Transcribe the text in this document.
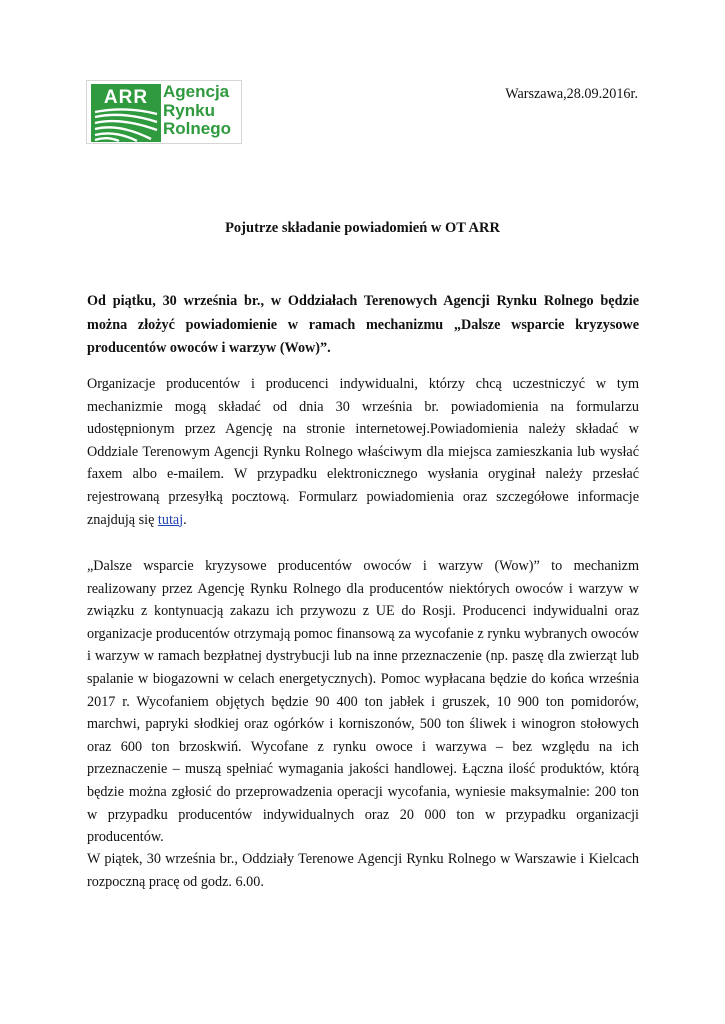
ARR Agencja
Rynku
Rolnego
Warszawa,28.09.2016r.
Pojutrze składanie powiadomień w OT ARR

Od piątku, 30 września br., w Oddziałach Terenowych Agencji Rynku Rolnego będzie można złożyć powiadomienie w ramach mechanizmu „Dalsze wsparcie kryzysowe producentów owoców i warzyw (Wow)”.

Organizacje producentów i producenci indywidualni, którzy chcą uczestniczyć w tym mechanizmie mogą składać od dnia 30 września br. powiadomienia na formularzu udostępnionym przez Agencję na stronie internetowej.Powiadomienia należy składać w Oddziale Terenowym Agencji Rynku Rolnego właściwym dla miejsca zamieszkania lub wysłać faxem albo e-mailem. W przypadku elektronicznego wysłania oryginał należy przesłać rejestrowaną przesyłką pocztową. Formularz powiadomienia oraz szczegółowe informacje znajdują się tutaj.

„Dalsze wsparcie kryzysowe producentów owoców i warzyw (Wow)” to mechanizm realizowany przez Agencję Rynku Rolnego dla producentów niektórych owoców i warzyw w związku z kontynuacją zakazu ich przywozu z UE do Rosji. Producenci indywidualni oraz organizacje producentów otrzymają pomoc finansową za wycofanie z rynku wybranych owoców i warzyw w ramach bezpłatnej dystrybucji lub na inne przeznaczenie (np. paszę dla zwierząt lub spalanie w biogazowni w celach energetycznych). Pomoc wypłacana będzie do końca września 2017 r. Wycofaniem objętych będzie 90 400 ton jabłek i gruszek, 10 900 ton pomidorów, marchwi, papryki słodkiej oraz ogórków i korniszonów, 500 ton śliwek i winogron stołowych oraz 600 ton brzoskwiń. Wycofane z rynku owoce i warzywa – bez względu na ich przeznaczenie – muszą spełniać wymagania jakości handlowej. Łączna ilość produktów, którą będzie można zgłosić do przeprowadzenia operacji wycofania, wyniesie maksymalnie: 200 ton w przypadku producentów indywidualnych oraz 20 000 ton w przypadku organizacji producentów.

W piątek, 30 września br., Oddziały Terenowe Agencji Rynku Rolnego w Warszawie i Kielcach rozpoczną pracę od godz. 6.00.
